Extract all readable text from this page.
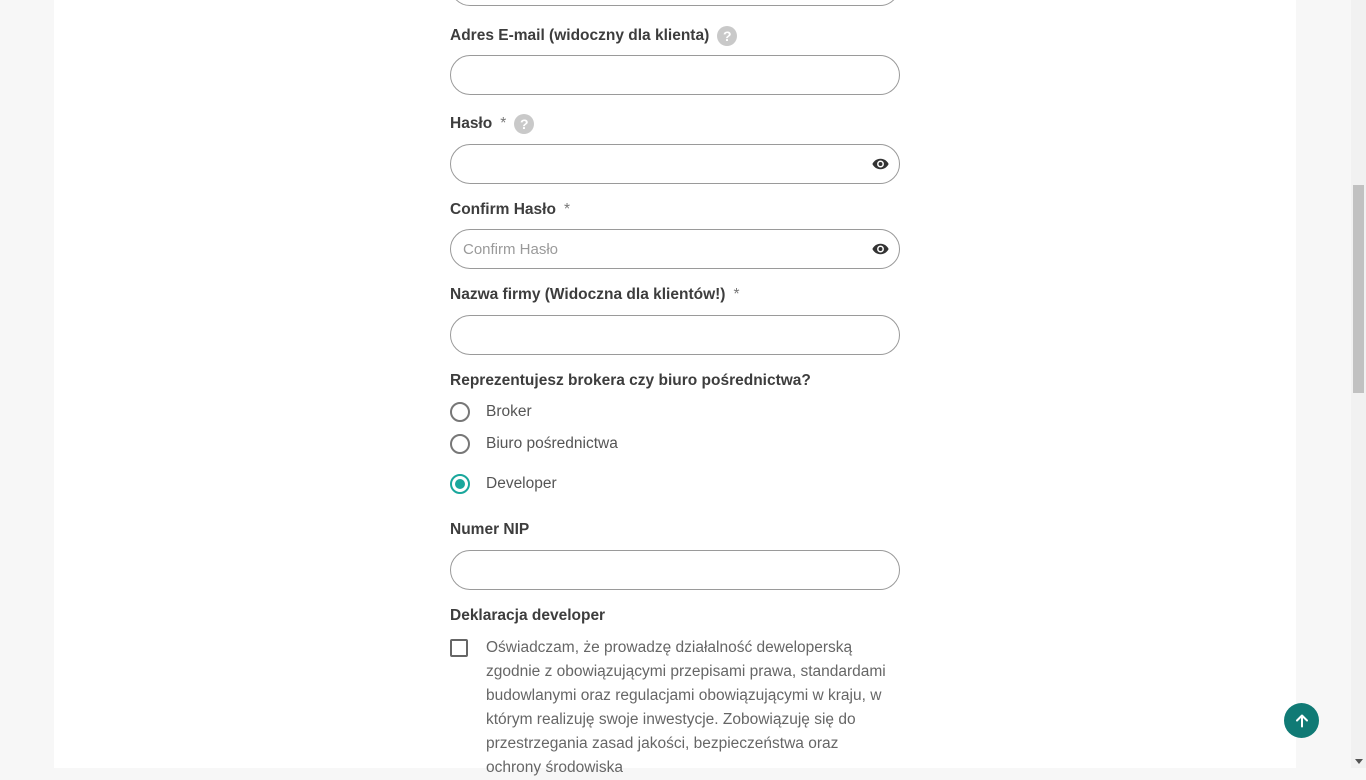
Adres E-mail (widoczny dla klienta) ?
Hasło * ?
Confirm Hasło *
Nazwa firmy (Widoczna dla klientów!) *
Reprezentujesz brokera czy biuro pośrednictwa?
Broker
Biuro pośrednictwa
Developer
Numer NIP
Deklaracja developer
Oświadczam, że prowadzę działalność deweloperską zgodnie z obowiązującymi przepisami prawa, standardami budowlanymi oraz regulacjami obowiązującymi w kraju, w którym realizuję swoje inwestycje. Zobowiązuję się do przestrzegania zasad jakości, bezpieczeństwa oraz ochrony środowiska
